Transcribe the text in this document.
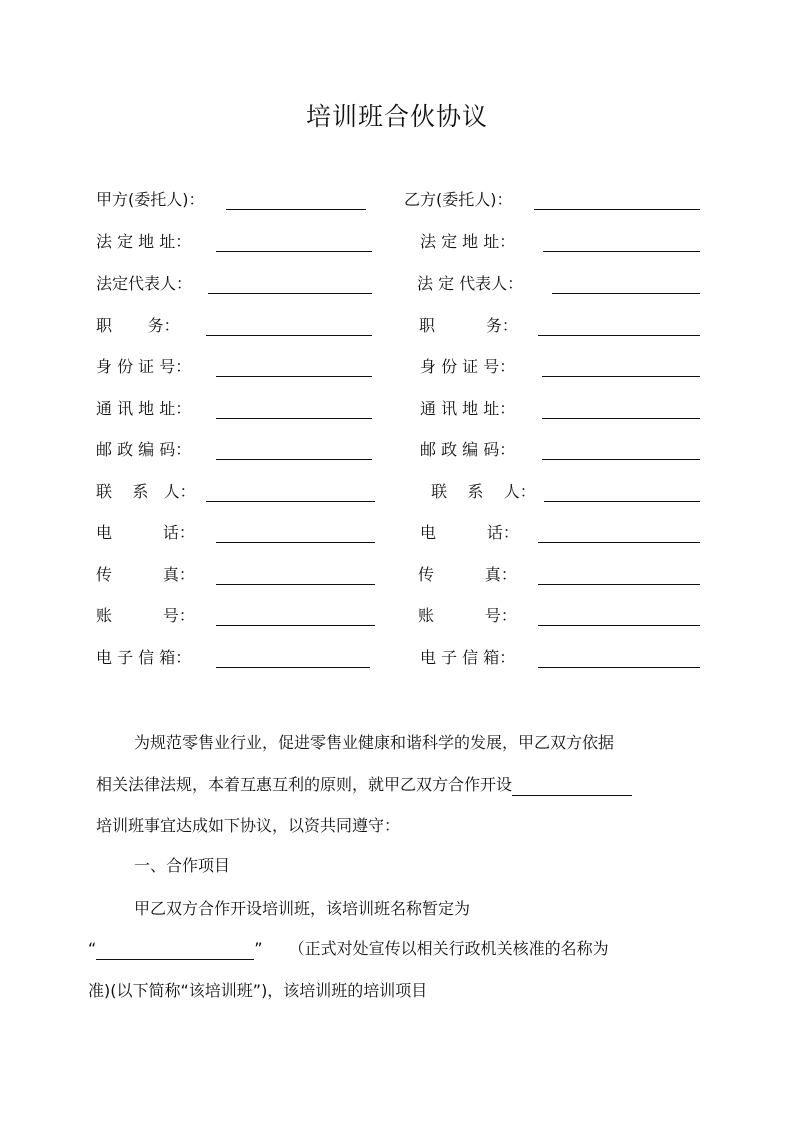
培训班合伙协议
甲方(委托人)：
法 定 地 址：
法定代表人：
职       务：
身 份 证 号：
通 讯 地 址：
邮 政 编 码：
联    系   人：
电          话：
传          真：
账          号：
电 子 信 箱：
乙方(委托人)：
法 定 地 址：
法 定 代表人：
职          务：
身 份 证 号：
通 讯 地 址：
邮 政 编 码：
联    系    人：
电          话：
传          真：
账          号：
电 子 信 箱：
为规范零售业行业，促进零售业健康和谐科学的发展，甲乙双方依据
相关法律法规，本着互惠互利的原则，就甲乙双方合作开设
培训班事宜达成如下协议，以资共同遵守：
一、合作项目
甲乙双方合作开设培训班，该培训班名称暂定为
“	” （正式对处宣传以相关行政机关核准的名称为
准)(以下简称“该培训班”)，该培训班的培训项目
